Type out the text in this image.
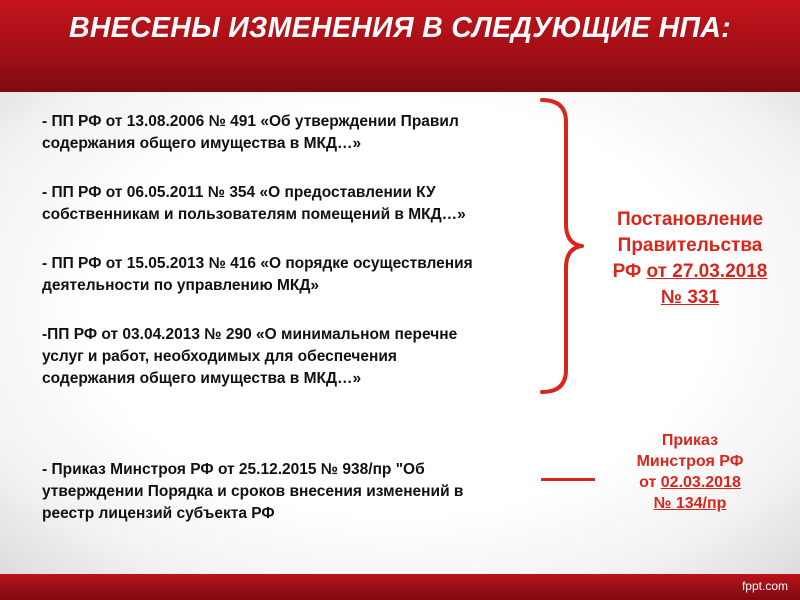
ВНЕСЕНЫ ИЗМЕНЕНИЯ В СЛЕДУЮЩИЕ НПА:
- ПП РФ от 13.08.2006 № 491 «Об утверждении Правил
содержания общего имущества в МКД…»
- ПП РФ от 06.05.2011 № 354 «О предоставлении КУ
собственникам и пользователям помещений в МКД…»
- ПП РФ от 15.05.2013 № 416 «О порядке осуществления
деятельности по управлению МКД»
-ПП РФ от 03.04.2013 № 290 «О минимальном перечне
услуг и работ, необходимых для обеспечения
содержания общего имущества в МКД…»
- Приказ Минстроя РФ от 25.12.2015 № 938/пр "Об
утверждении Порядка и сроков внесения изменений в
реестр лицензий субъекта РФ
Постановление
Правительства
РФ от 27.03.2018
№ 331
Приказ
Минстроя РФ
от 02.03.2018
№ 134/пр
fppt.com
